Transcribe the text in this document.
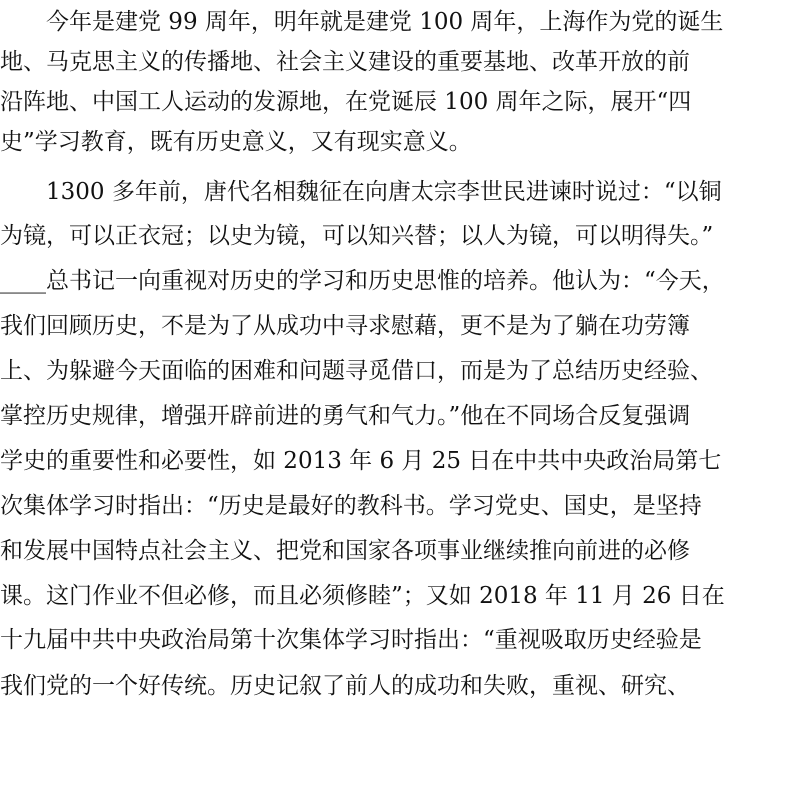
　　今年是建党 99 周年，明年就是建党 100 周年，上海作为党的诞生
地、马克思主义的传播地、社会主义建设的重要基地、改革开放的前
沿阵地、中国工人运动的发源地，在党诞辰 100 周年之际，展开“四
史”学习教育，既有历史意义，又有现实意义。
　　1300 多年前，唐代名相魏征在向唐太宗李世民进谏时说过：“以铜
为镜，可以正衣冠；以史为镜，可以知兴替；以人为镜，可以明得失。”
____总书记一向重视对历史的学习和历史思惟的培养。他认为：“今天，
我们回顾历史，不是为了从成功中寻求慰藉，更不是为了躺在功劳簿
上、为躲避今天面临的困难和问题寻觅借口，而是为了总结历史经验、
掌控历史规律，增强开辟前进的勇气和气力。”他在不同场合反复强调
学史的重要性和必要性，如 2013 年 6 月 25 日在中共中央政治局第七
次集体学习时指出：“历史是最好的教科书。学习党史、国史，是坚持
和发展中国特点社会主义、把党和国家各项事业继续推向前进的必修
课。这门作业不但必修，而且必须修睦”；又如 2018 年 11 月 26 日在
十九届中共中央政治局第十次集体学习时指出：“重视吸取历史经验是
我们党的一个好传统。历史记叙了前人的成功和失败，重视、研究、
